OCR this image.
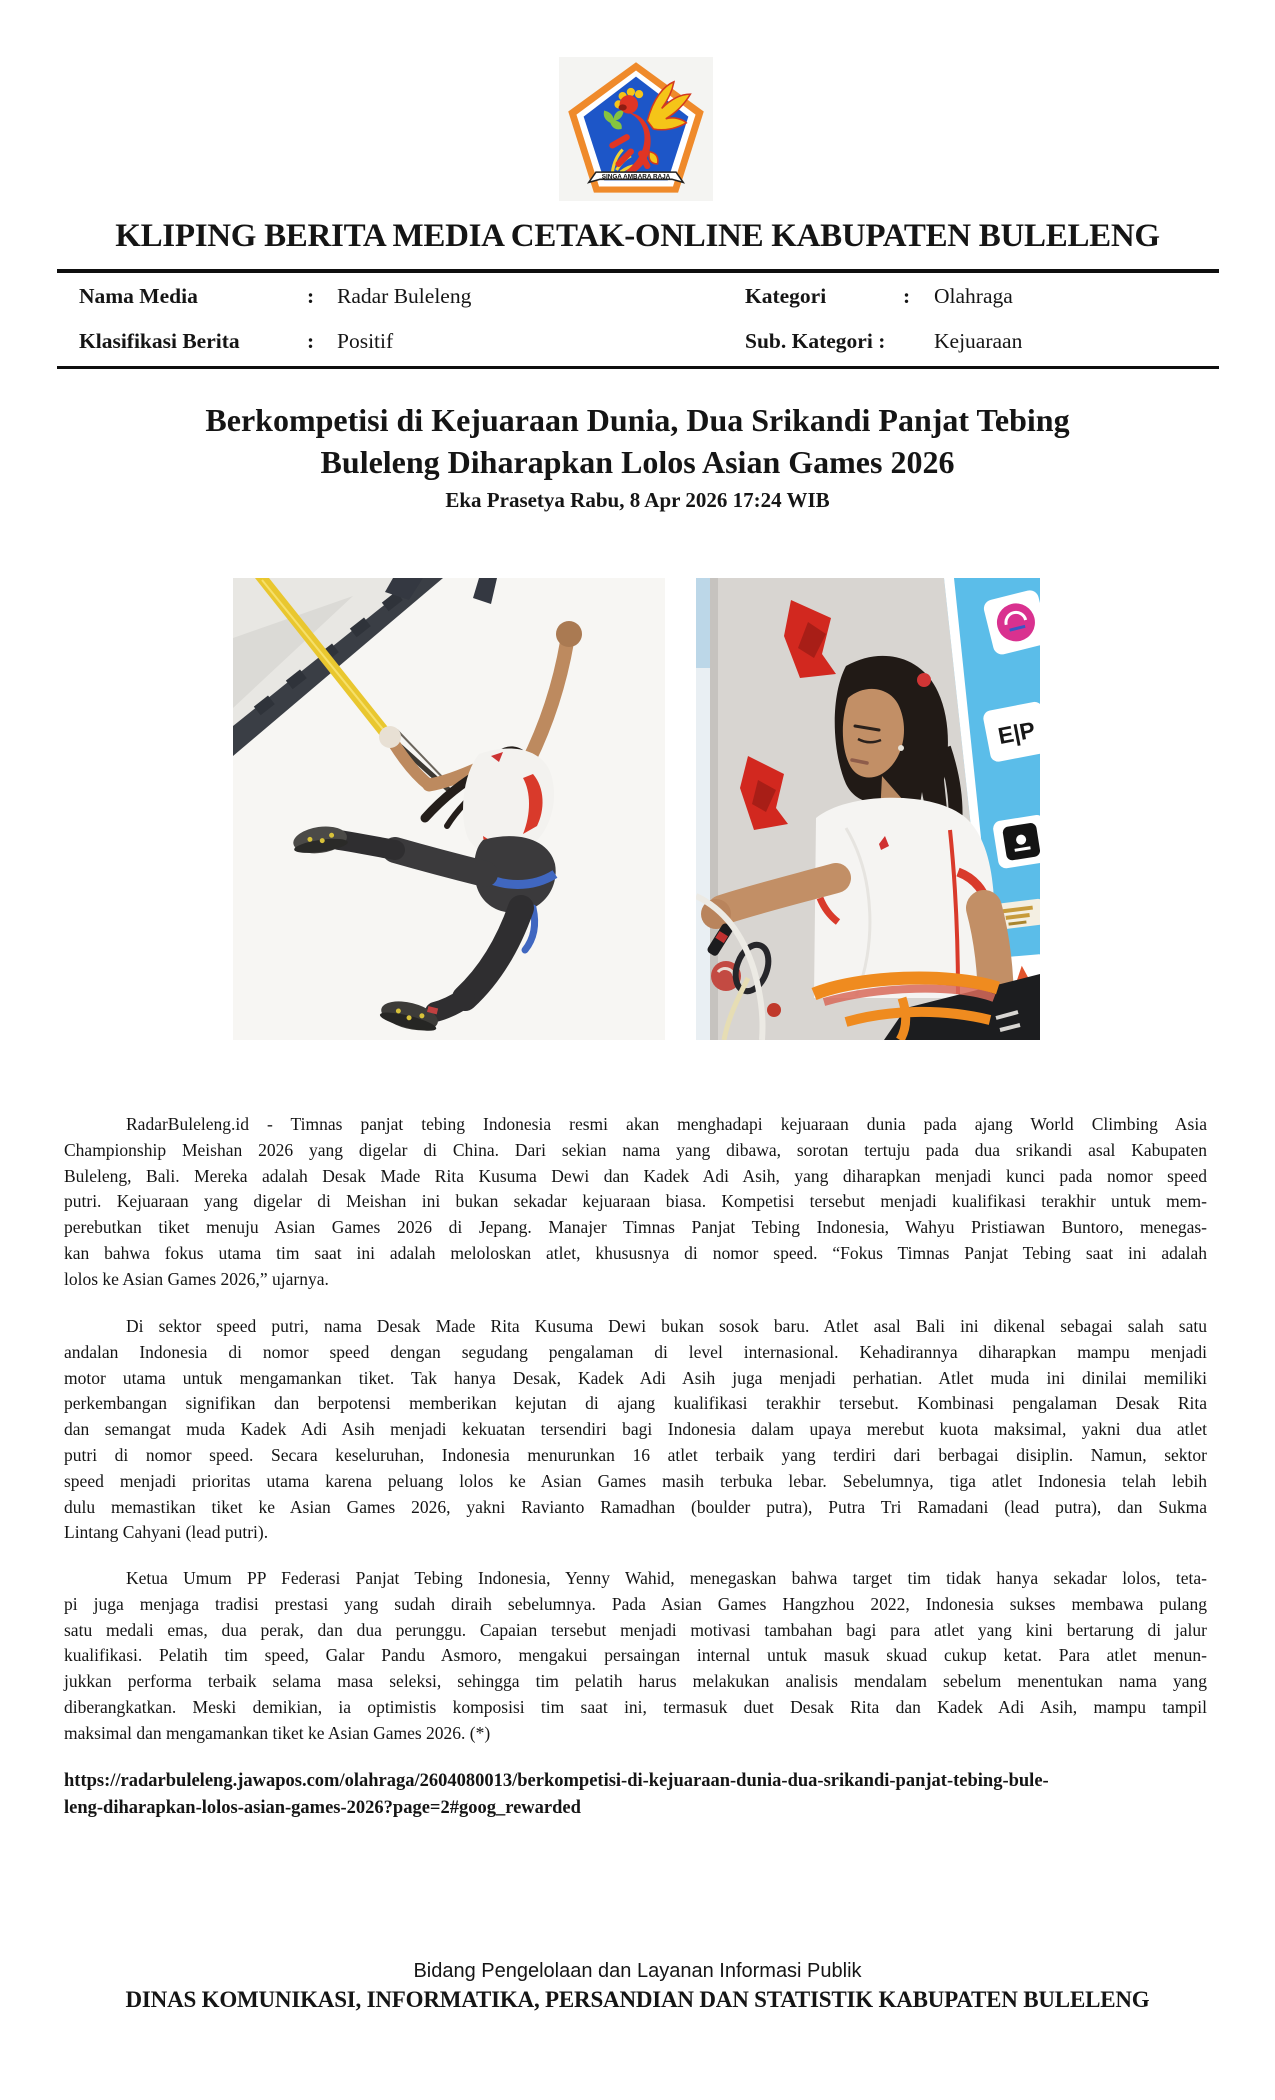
SINGA AMBARA RAJA
KLIPING BERITA MEDIA CETAK-ONLINE KABUPATEN BULELENG
Nama Media	: Radar Buleleng	Kategori	: Olahraga
Klasifikasi Berita	: Positif	Sub. Kategori : Kejuaraan
Berkompetisi di Kejuaraan Dunia, Dua Srikandi Panjat Tebing
Buleleng Diharapkan Lolos Asian Games 2026
Eka Prasetya Rabu, 8 Apr 2026 17:24 WIB
E|P
RadarBuleleng.id - Timnas panjat tebing Indonesia resmi akan menghadapi kejuaraan dunia pada ajang World Climbing Asia
Championship Meishan 2026 yang digelar di China. Dari sekian nama yang dibawa, sorotan tertuju pada dua srikandi asal Kabupaten
Buleleng, Bali. Mereka adalah Desak Made Rita Kusuma Dewi dan Kadek Adi Asih, yang diharapkan menjadi kunci pada nomor speed
putri. Kejuaraan yang digelar di Meishan ini bukan sekadar kejuaraan biasa. Kompetisi tersebut menjadi kualifikasi terakhir untuk mem-
perebutkan tiket menuju Asian Games 2026 di Jepang. Manajer Timnas Panjat Tebing Indonesia, Wahyu Pristiawan Buntoro, menegas-
kan bahwa fokus utama tim saat ini adalah meloloskan atlet, khususnya di nomor speed. “Fokus Timnas Panjat Tebing saat ini adalah
lolos ke Asian Games 2026,” ujarnya.
Di sektor speed putri, nama Desak Made Rita Kusuma Dewi bukan sosok baru. Atlet asal Bali ini dikenal sebagai salah satu
andalan Indonesia di nomor speed dengan segudang pengalaman di level internasional. Kehadirannya diharapkan mampu menjadi
motor utama untuk mengamankan tiket. Tak hanya Desak, Kadek Adi Asih juga menjadi perhatian. Atlet muda ini dinilai memiliki
perkembangan signifikan dan berpotensi memberikan kejutan di ajang kualifikasi terakhir tersebut. Kombinasi pengalaman Desak Rita
dan semangat muda Kadek Adi Asih menjadi kekuatan tersendiri bagi Indonesia dalam upaya merebut kuota maksimal, yakni dua atlet
putri di nomor speed. Secara keseluruhan, Indonesia menurunkan 16 atlet terbaik yang terdiri dari berbagai disiplin. Namun, sektor
speed menjadi prioritas utama karena peluang lolos ke Asian Games masih terbuka lebar. Sebelumnya, tiga atlet Indonesia telah lebih
dulu memastikan tiket ke Asian Games 2026, yakni Ravianto Ramadhan (boulder putra), Putra Tri Ramadani (lead putra), dan Sukma
Lintang Cahyani (lead putri).
Ketua Umum PP Federasi Panjat Tebing Indonesia, Yenny Wahid, menegaskan bahwa target tim tidak hanya sekadar lolos, teta-
pi juga menjaga tradisi prestasi yang sudah diraih sebelumnya. Pada Asian Games Hangzhou 2022, Indonesia sukses membawa pulang
satu medali emas, dua perak, dan dua perunggu. Capaian tersebut menjadi motivasi tambahan bagi para atlet yang kini bertarung di jalur
kualifikasi. Pelatih tim speed, Galar Pandu Asmoro, mengakui persaingan internal untuk masuk skuad cukup ketat. Para atlet menun-
jukkan performa terbaik selama masa seleksi, sehingga tim pelatih harus melakukan analisis mendalam sebelum menentukan nama yang
diberangkatkan. Meski demikian, ia optimistis komposisi tim saat ini, termasuk duet Desak Rita dan Kadek Adi Asih, mampu tampil
maksimal dan mengamankan tiket ke Asian Games 2026. (*)
https://radarbuleleng.jawapos.com/olahraga/2604080013/berkompetisi-di-kejuaraan-dunia-dua-srikandi-panjat-tebing-bule-
leng-diharapkan-lolos-asian-games-2026?page=2#goog_rewarded
Bidang Pengelolaan dan Layanan Informasi Publik
DINAS KOMUNIKASI, INFORMATIKA, PERSANDIAN DAN STATISTIK KABUPATEN BULELENG
